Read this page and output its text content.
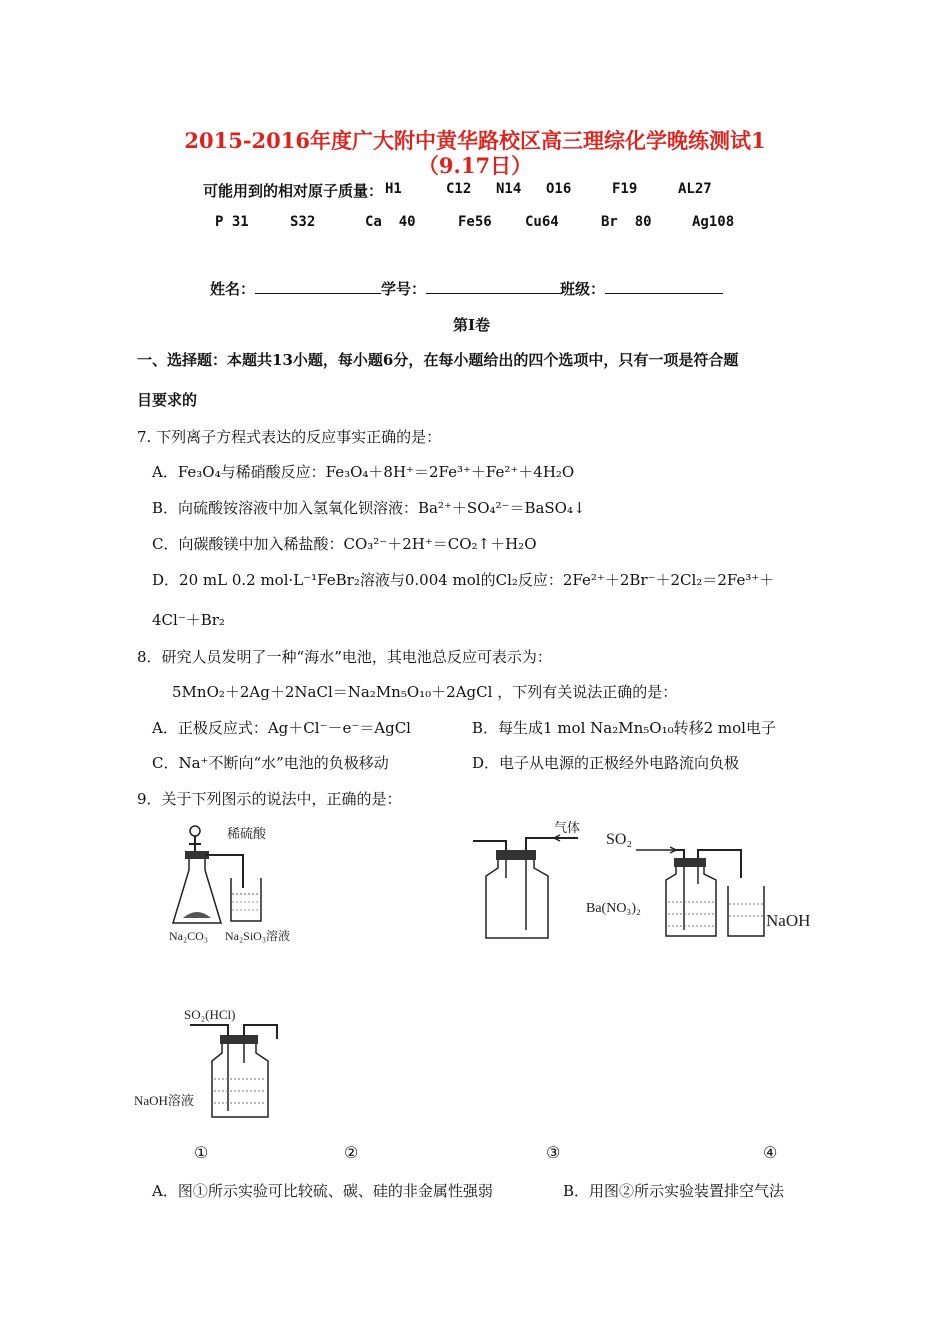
2015-2016年度广大附中黄华路校区高三理综化学晚练测试1
（9.17日）
可能用到的相对原子质量： H1	C12 N14 O16	F19	AL27
P 31	S32	Ca  40	Fe56 Cu64	Br  80	Ag108
姓名：	学号：	班级：
第Ⅰ卷
一、选择题：本题共13小题，每小题6分，在每小题给出的四个选项中，只有一项是符合题
目要求的
7. 下列离子方程式表达的反应事实正确的是：
A．Fe₃O₄与稀硝酸反应：Fe₃O₄＋8H⁺＝2Fe³⁺＋Fe²⁺＋4H₂O
B．向硫酸铵溶液中加入氢氧化钡溶液：Ba²⁺＋SO₄²⁻＝BaSO₄↓
C．向碳酸镁中加入稀盐酸：CO₃²⁻＋2H⁺＝CO₂↑＋H₂O
D．20 mL 0.2 mol·L⁻¹FeBr₂溶液与0.004 mol的Cl₂反应：2Fe²⁺＋2Br⁻＋2Cl₂＝2Fe³⁺＋
4Cl⁻＋Br₂
8．研究人员发明了一种“海水”电池，其电池总反应可表示为：
5MnO₂＋2Ag＋2NaCl＝Na₂Mn₅O₁₀＋2AgCl ，下列有关说法正确的是：
A．正极反应式：Ag＋Cl⁻－e⁻＝AgCl	B．每生成1 mol Na₂Mn₅O₁₀转移2 mol电子
C．Na⁺不断向“水”电池的负极移动	D．电子从电源的正极经外电路流向负极
9．关于下列图示的说法中，正确的是：
稀硫酸
Na₂CO₃ Na₂SiO₃溶液
气体
SO₂
Ba(NO₃)₂
NaOH
SO₂(HCl)
NaOH溶液
①	②	③	④
A．图①所示实验可比较硫、碳、硅的非金属性强弱	B．用图②所示实验装置排空气法
